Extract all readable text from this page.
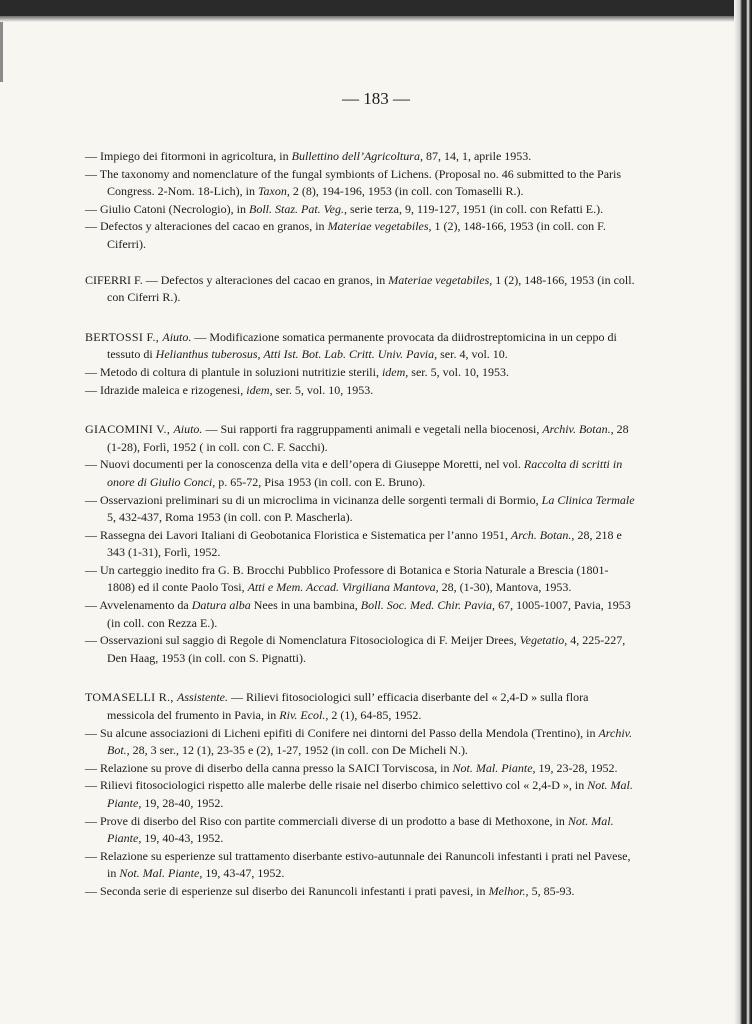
— 183 —
— Impiego dei fitormoni in agricoltura, in Bullettino dell’Agricoltura, 87, 14, 1, aprile 1953.
— The taxonomy and nomenclature of the fungal symbionts of Lichens. (Proposal no. 46 submitted to the Paris Congress. 2-Nom. 18-Lich), in Taxon, 2 (8), 194-196, 1953 (in coll. con Tomaselli R.).
— Giulio Catoni (Necrologio), in Boll. Staz. Pat. Veg., serie terza, 9, 119-127, 1951 (in coll. con Refatti E.).
— Defectos y alteraciones del cacao en granos, in Materiae vegetabiles, 1 (2), 148-166, 1953 (in coll. con F. Ciferri).
CIFERRI F. — Defectos y alteraciones del cacao en granos, in Materiae vegetabiles, 1 (2), 148-166, 1953 (in coll. con Ciferri R.).
BERTOSSI F., Aiuto. — Modificazione somatica permanente provocata da diidrostreptomicina in un ceppo di tessuto di Helianthus tuberosus, Atti Ist. Bot. Lab. Critt. Univ. Pavia, ser. 4, vol. 10.
— Metodo di coltura di plantule in soluzioni nutritizie sterili, idem, ser. 5, vol. 10, 1953.
— Idrazide maleica e rizogenesi, idem, ser. 5, vol. 10, 1953.
GIACOMINI V., Aiuto. — Sui rapporti fra raggruppamenti animali e vegetali nella biocenosi, Archiv. Botan., 28 (1-28), Forlì, 1952 ( in coll. con C. F. Sacchi).
— Nuovi documenti per la conoscenza della vita e dell’opera di Giuseppe Moretti, nel vol. Raccolta di scritti in onore di Giulio Conci, p. 65-72, Pisa 1953 (in coll. con E. Bruno).
— Osservazioni preliminari su di un microclima in vicinanza delle sorgenti termali di Bormio, La Clinica Termale 5, 432-437, Roma 1953 (in coll. con P. Mascherla).
— Rassegna dei Lavori Italiani di Geobotanica Floristica e Sistematica per l’anno 1951, Arch. Botan., 28, 218 e 343 (1-31), Forlì, 1952.
— Un carteggio inedito fra G. B. Brocchi Pubblico Professore di Botanica e Storia Naturale a Brescia (1801-1808) ed il conte Paolo Tosi, Atti e Mem. Accad. Virgiliana Mantova, 28, (1-30), Mantova, 1953.
— Avvelenamento da Datura alba Nees in una bambina, Boll. Soc. Med. Chir. Pavia, 67, 1005-1007, Pavia, 1953 (in coll. con Rezza E.).
— Osservazioni sul saggio di Regole di Nomenclatura Fitosociologica di F. Meijer Drees, Vegetatio, 4, 225-227, Den Haag, 1953 (in coll. con S. Pignatti).
TOMASELLI R., Assistente. — Rilievi fitosociologici sull’ efficacia diserbante del « 2,4-D » sulla flora messicola del frumento in Pavia, in Riv. Ecol., 2 (1), 64-85, 1952.
— Su alcune associazioni di Licheni epifiti di Conifere nei dintorni del Passo della Mendola (Trentino), in Archiv. Bot., 28, 3 ser., 12 (1), 23-35 e (2), 1-27, 1952 (in coll. con De Micheli N.).
— Relazione su prove di diserbo della canna presso la SAICI Torviscosa, in Not. Mal. Piante, 19, 23-28, 1952.
— Rilievi fitosociologici rispetto alle malerbe delle risaie nel diserbo chimico selettivo col « 2,4-D », in Not. Mal. Piante, 19, 28-40, 1952.
— Prove di diserbo del Riso con partite commerciali diverse di un prodotto a base di Methoxone, in Not. Mal. Piante, 19, 40-43, 1952.
— Relazione su esperienze sul trattamento diserbante estivo-autunnale dei Ranuncoli infestanti i prati nel Pavese, in Not. Mal. Piante, 19, 43-47, 1952.
— Seconda serie di esperienze sul diserbo dei Ranuncoli infestanti i prati pavesi, in Melhor., 5, 85-93.
